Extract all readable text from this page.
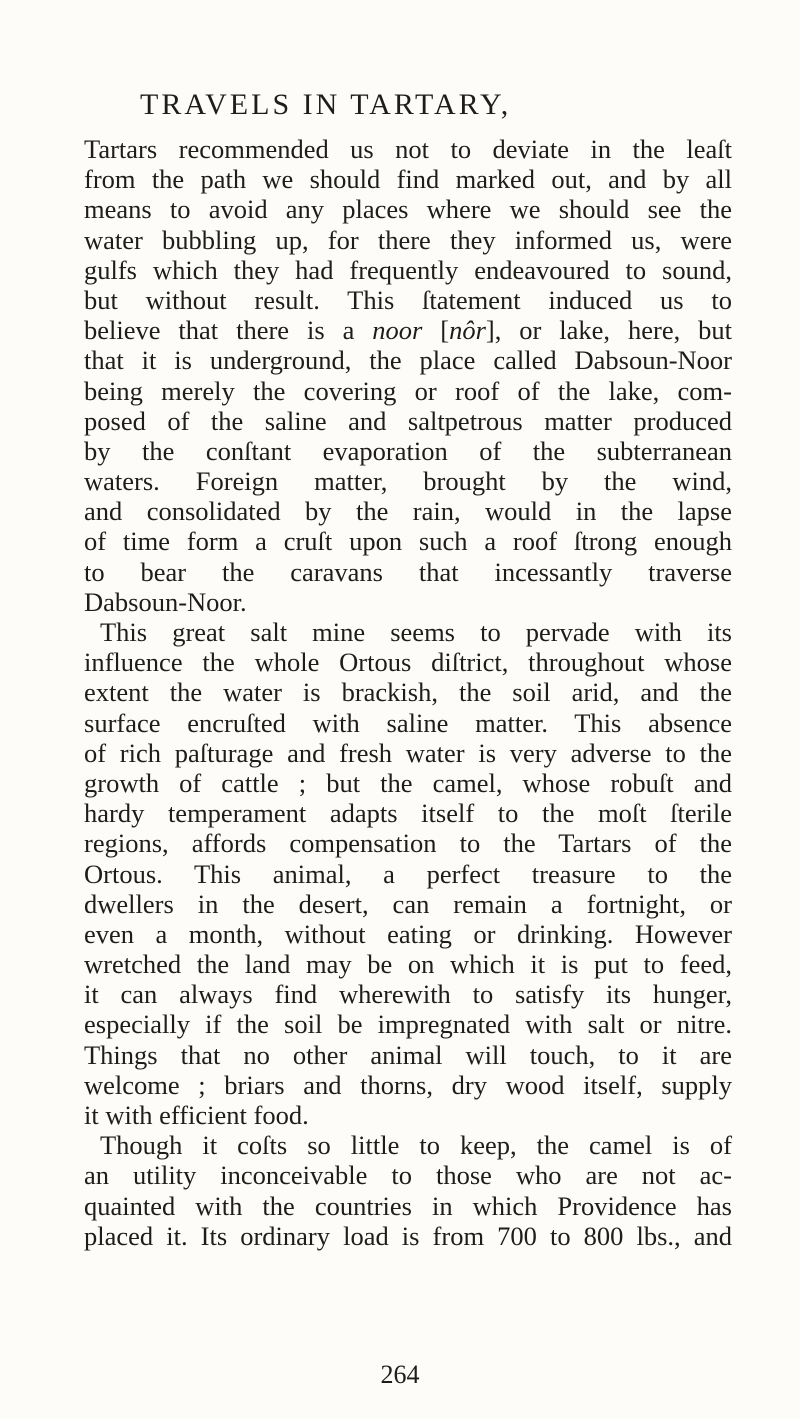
TRAVELS IN TARTARY,
Tartars recommended us not to deviate in the leaſt
from the path we should find marked out, and by all
means to avoid any places where we should see the
water bubbling up, for there they informed us, were
gulfs which they had frequently endeavoured to sound,
but without result. This ſtatement induced us to
believe that there is a noor [nôr], or lake, here, but
that it is underground, the place called Dabsoun-Noor
being merely the covering or roof of the lake, com-
posed of the saline and saltpetrous matter produced
by the conſtant evaporation of the subterranean
waters. Foreign matter, brought by the wind,
and consolidated by the rain, would in the lapse
of time form a cruſt upon such a roof ſtrong enough
to bear the caravans that incessantly traverse
Dabsoun-Noor.
This great salt mine seems to pervade with its
influence the whole Ortous diſtrict, throughout whose
extent the water is brackish, the soil arid, and the
surface encruſted with saline matter. This absence
of rich paſturage and fresh water is very adverse to the
growth of cattle ; but the camel, whose robuſt and
hardy temperament adapts itself to the moſt ſterile
regions, affords compensation to the Tartars of the
Ortous. This animal, a perfect treasure to the
dwellers in the desert, can remain a fortnight, or
even a month, without eating or drinking. However
wretched the land may be on which it is put to feed,
it can always find wherewith to satisfy its hunger,
especially if the soil be impregnated with salt or nitre.
Things that no other animal will touch, to it are
welcome ; briars and thorns, dry wood itself, supply
it with efficient food.
Though it coſts so little to keep, the camel is of
an utility inconceivable to those who are not ac-
quainted with the countries in which Providence has
placed it. Its ordinary load is from 700 to 800 lbs., and
264
